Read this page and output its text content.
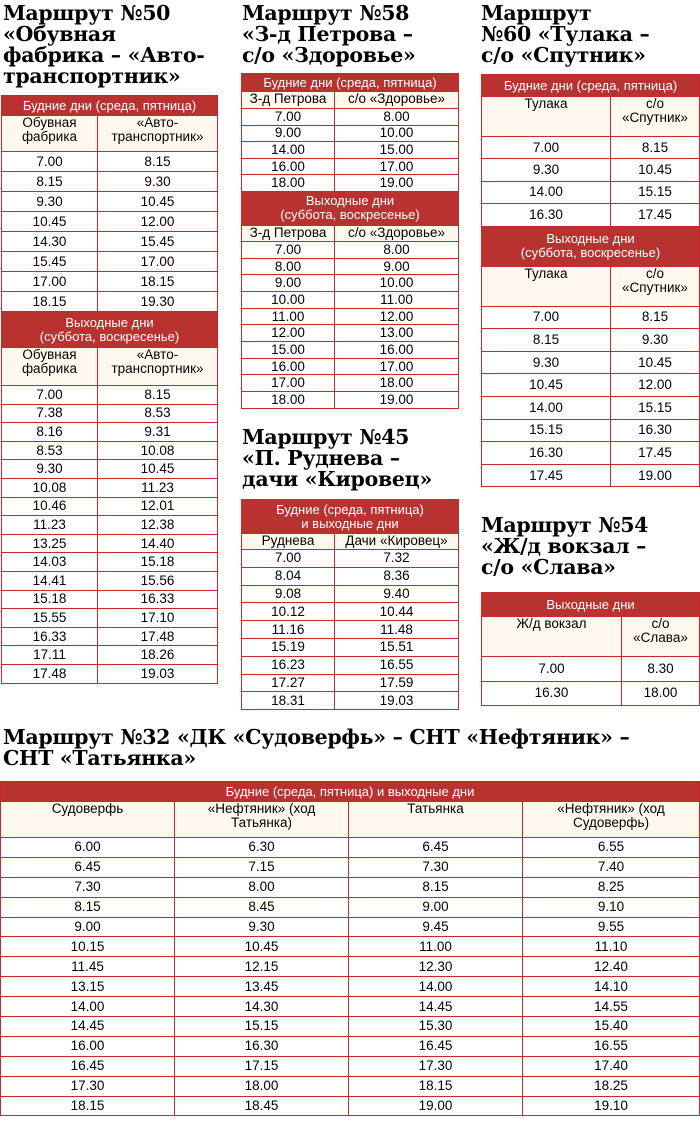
Маршрут №50
«Обувная
фабрика – «Авто-
транспортник»
Будние дни (среда, пятница)	

Обувная
фабрика	«Авто-
транспортник»

7.00	8.15
8.15	9.30
9.30	10.45
10.45	12.00
14.30	15.45
15.45	17.00
17.00	18.15
18.15	19.30

Выходные дни
(суббота, воскресенье)	

Обувная
фабрика	«Авто-
транспортник»

7.00	8.15
7.38	8.53
8.16	9.31
8.53	10.08
9.30	10.45
10.08	11.23
10.46	12.01
11.23	12.38
13.25	14.40
14.03	15.18
14.41	15.56
15.18	16.33
15.55	17.10
16.33	17.48
17.11	18.26
17.48	19.03
Маршрут №58
«З-д Петрова –
с/о «Здоровье»
Будние дни (среда, пятница)	

З-д Петрова	с/о «Здоровье»

7.00	8.00
9.00	10.00
14.00	15.00
16.00	17.00
18.00	19.00

Выходные дни
(суббота, воскресенье)	

З-д Петрова	с/о «Здоровье»

7.00	8.00
8.00	9.00
9.00	10.00
10.00	11.00
11.00	12.00
12.00	13.00
15.00	16.00
16.00	17.00
17.00	18.00
18.00	19.00
Маршрут
№60 «Тулака –
с/о «Спутник»
Будние дни (среда, пятница)	

Тулака	с/о
«Спутник»

7.00	8.15
9.30	10.45
14.00	15.15
16.30	17.45

Выходные дни
(суббота, воскресенье)	

Тулака	с/о
«Спутник»

7.00	8.15
8.15	9.30
9.30	10.45
10.45	12.00
14.00	15.15
15.15	16.30
16.30	17.45
17.45	19.00
Маршрут №45
«П. Руднева –
дачи «Кировец»
Будние (среда, пятница)
и выходные дни	

Руднева	Дачи «Кировец»

7.00	7.32
8.04	8.36
9.08	9.40
10.12	10.44
11.16	11.48
15.19	15.51
16.23	16.55
17.27	17.59
18.31	19.03
Маршрут №54
«Ж/д вокзал –
с/о «Слава»
Выходные дни	

Ж/д вокзал	с/о
«Слава»

7.00	8.30
16.30	18.00
Маршрут №32 «ДК «Судоверфь» – СНТ «Нефтяник» –
СНТ «Татьянка»
Будние (среда, пятница) и выходные дни			

Судоверфь	«Нефтяник» (ход
Татьянка)	Татьянка	«Нефтяник» (ход
Судоверфь)

6.00	6.30	6.45	6.55
6.45	7.15	7.30	7.40
7.30	8.00	8.15	8.25
8.15	8.45	9.00	9.10
9.00	9.30	9.45	9.55
10.15	10.45	11.00	11.10
11.45	12.15	12.30	12.40
13.15	13.45	14.00	14.10
14.00	14.30	14.45	14.55
14.45	15.15	15.30	15.40
16.00	16.30	16.45	16.55
16.45	17.15	17.30	17.40
17.30	18.00	18.15	18.25
18.15	18.45	19.00	19.10
